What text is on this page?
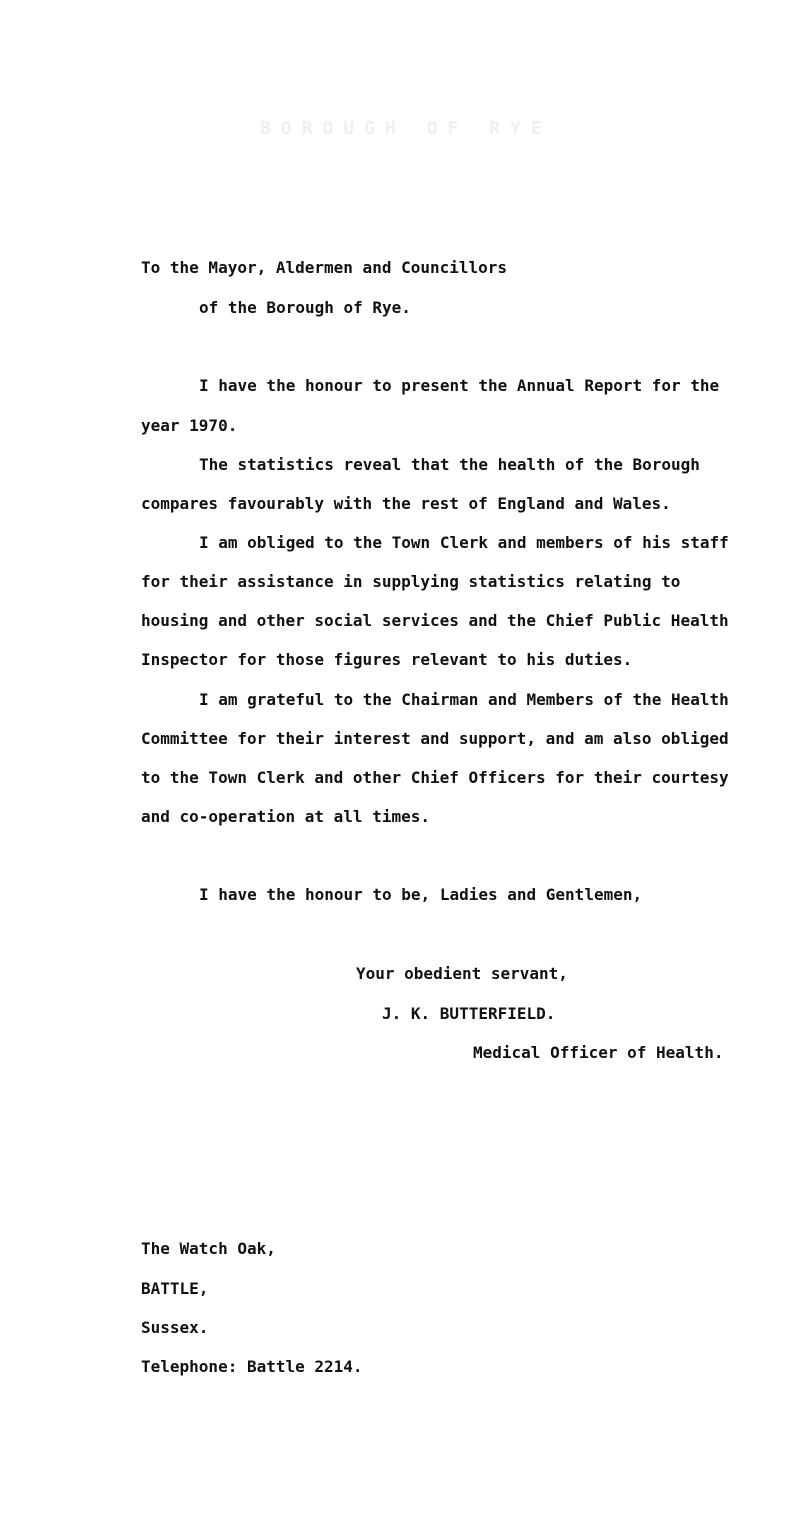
BOROUGH OF RYE
To the Mayor, Aldermen and Councillors
of the Borough of Rye.
I have the honour to present the Annual Report for the
year 1970.
The statistics reveal that the health of the Borough
compares favourably with the rest of England and Wales.
I am obliged to the Town Clerk and members of his staff
for their assistance in supplying statistics relating to
housing and other social services and the Chief Public Health
Inspector for those figures relevant to his duties.
I am grateful to the Chairman and Members of the Health
Committee for their interest and support, and am also obliged
to the Town Clerk and other Chief Officers for their courtesy
and co-operation at all times.
I have the honour to be, Ladies and Gentlemen,
Your obedient servant,
J. K. BUTTERFIELD.
Medical Officer of Health.
The Watch Oak,
BATTLE,
Sussex.
Telephone: Battle 2214.
